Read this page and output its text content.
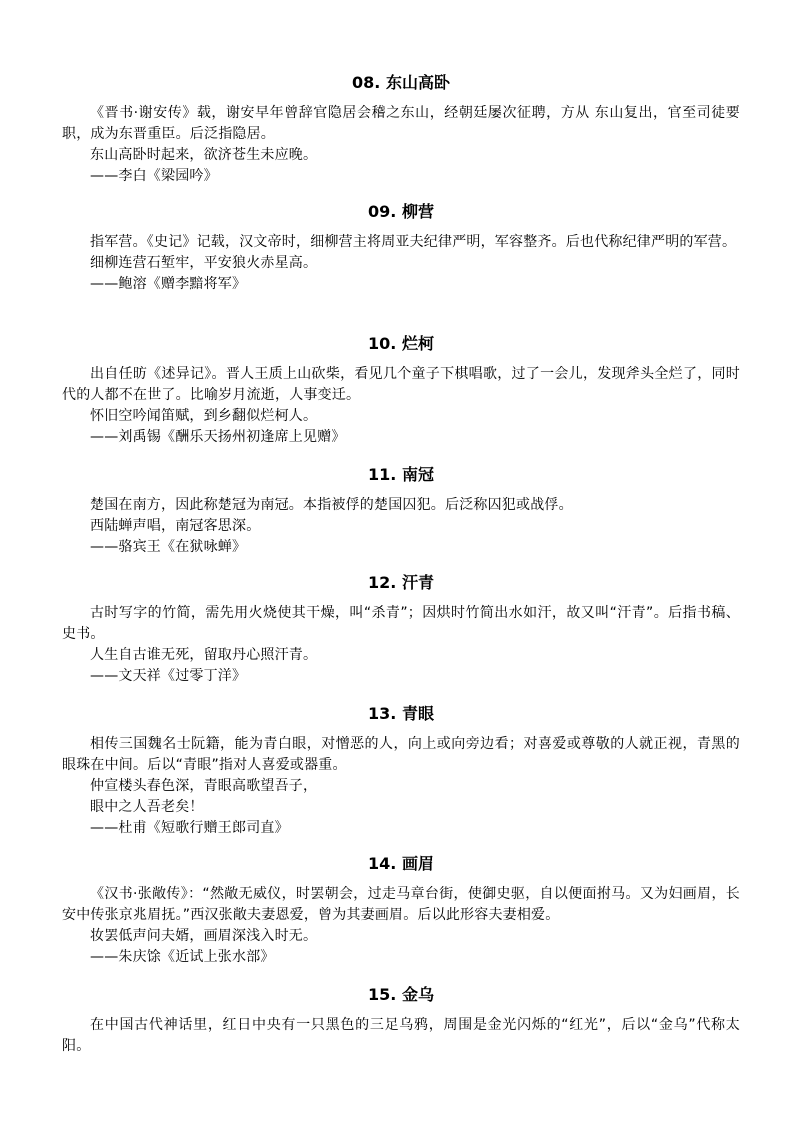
08. 东山高卧

《晋书·谢安传》载，谢安早年曾辞官隐居会稽之东山，经朝廷屡次征聘，方从 东山复出，官至司徒要职，成为东晋重臣。后泛指隐居。

东山高卧时起来，欲济苍生未应晚。
——李白《梁园吟》
09. 柳营

指军营。《史记》记载，汉文帝时，细柳营主将周亚夫纪律严明，军容整齐。后也代称纪律严明的军营。

细柳连营石堑牢，平安狼火赤星高。
——鲍溶《赠李黯将军》
10. 烂柯

出自任昉《述异记》。晋人王质上山砍柴，看见几个童子下棋唱歌，过了一会儿，发现斧头全烂了，同时代的人都不在世了。比喻岁月流逝，人事变迁。

怀旧空吟闻笛赋，到乡翻似烂柯人。
——刘禹锡《酬乐天扬州初逢席上见赠》
11. 南冠

楚国在南方，因此称楚冠为南冠。本指被俘的楚国囚犯。后泛称囚犯或战俘。

西陆蝉声唱，南冠客思深。
——骆宾王《在狱咏蝉》
12. 汗青

古时写字的竹简，需先用火烧使其干燥，叫“杀青”；因烘时竹简出水如汗，故又叫“汗青”。后指书稿、史书。

人生自古谁无死，留取丹心照汗青。
——文天祥《过零丁洋》
13. 青眼

相传三国魏名士阮籍，能为青白眼，对憎恶的人，向上或向旁边看；对喜爱或尊敬的人就正视，青黑的眼珠在中间。后以“青眼”指对人喜爱或器重。

仲宣楼头春色深，青眼高歌望吾子，
眼中之人吾老矣！
——杜甫《短歌行赠王郎司直》
14. 画眉

《汉书·张敞传》：“然敞无威仪，时罢朝会，过走马章台街，使御史驱，自以便面拊马。又为妇画眉，长安中传张京兆眉抚。”西汉张敞夫妻恩爱，曾为其妻画眉。后以此形容夫妻相爱。

妆罢低声问夫婿，画眉深浅入时无。
——朱庆馀《近试上张水部》
15. 金乌

在中国古代神话里，红日中央有一只黑色的三足乌鸦，周围是金光闪烁的“红光”，后以“金乌”代称太阳。
